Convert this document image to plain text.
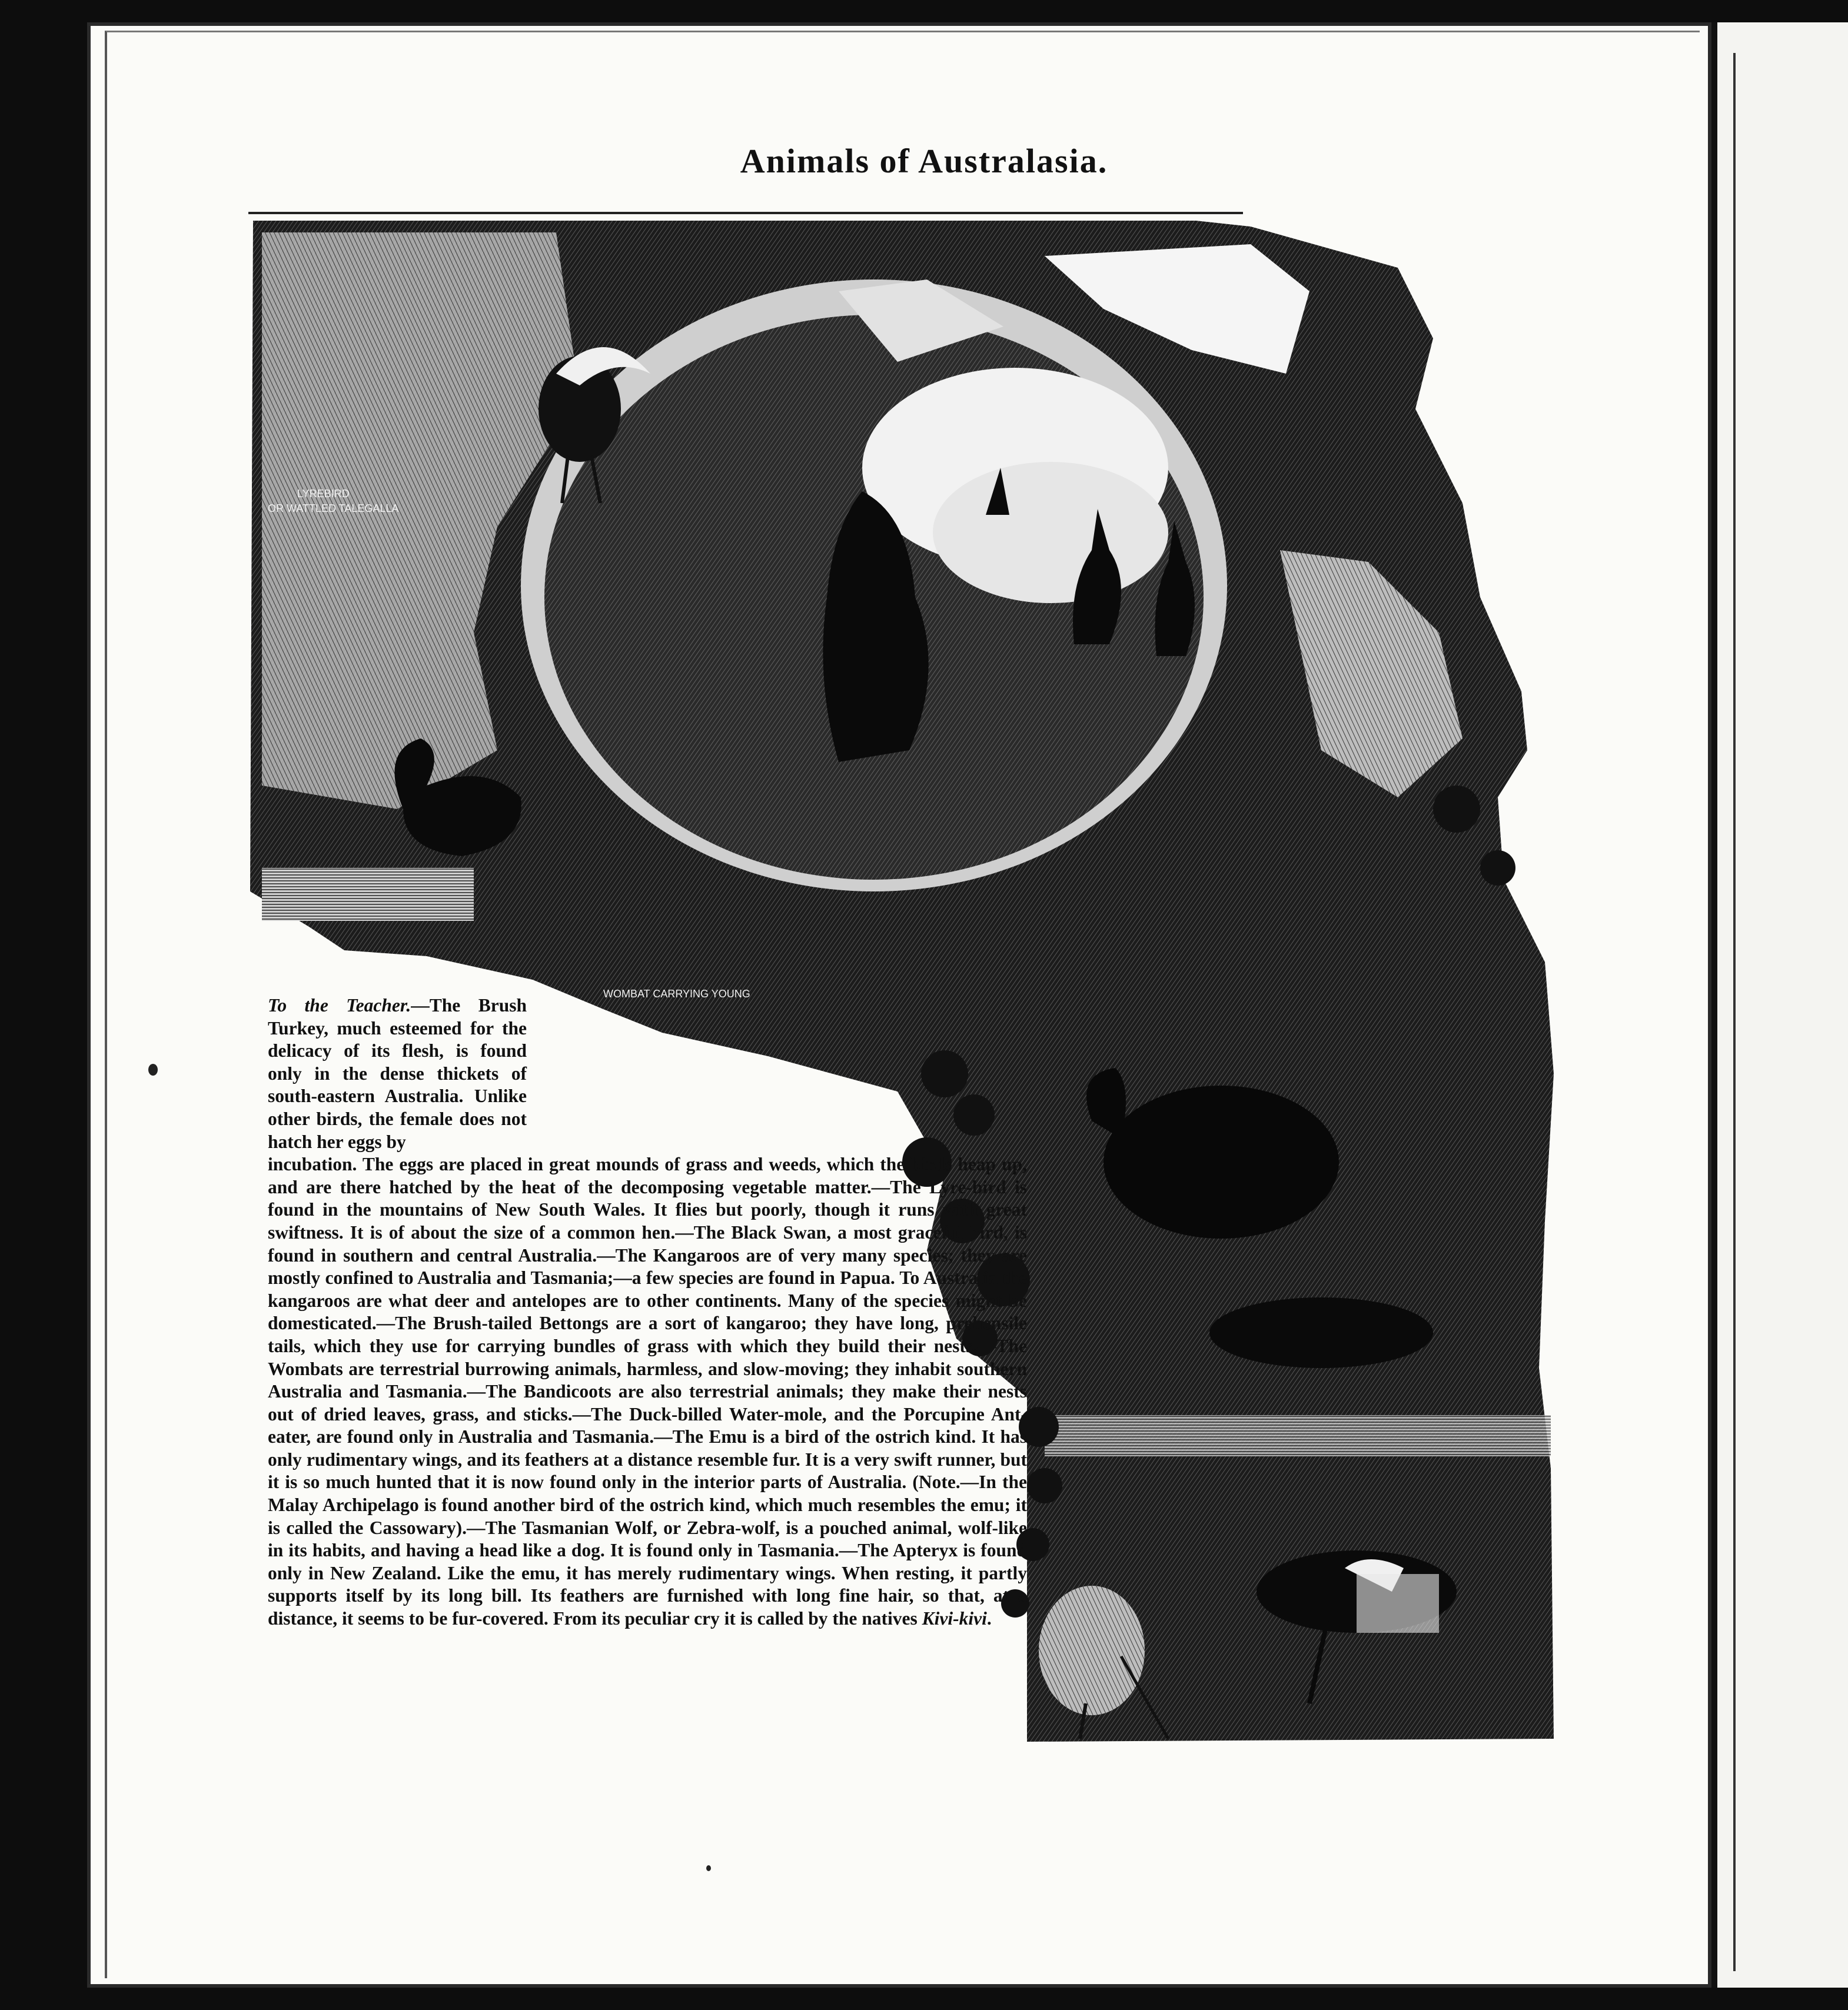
Animals of Australasia.
LYREBIRD
OR WATTLED TALEGALLA
WOMBAT CARRYING YOUNG
To the Teacher.—The Brush Turkey, much esteemed for the delicacy of its flesh, is found only in the dense thickets of south-eastern Australia. Unlike other birds, the female does not hatch her eggs by
incubation. The eggs are placed in great mounds of grass and weeds, which the birds heap up, and are there hatched by the heat of the decomposing vegetable matter.—The Lyre-bird is found in the mountains of New South Wales. It flies but poorly, though it runs with great swiftness. It is of about the size of a common hen.—The Black Swan, a most graceful bird, is found in southern and central Australia.—The Kangaroos are of very many species; they are mostly confined to Australia and Tasmania;—a few species are found in Papua. To Australia the kangaroos are what deer and antelopes are to other continents. Many of the species might be domesticated.—The Brush-tailed Bettongs are a sort of kangaroo; they have long, prehensile tails, which they use for carrying bundles of grass with which they build their nests.—The Wombats are terrestrial burrowing animals, harmless, and slow-moving; they inhabit southern Australia and Tasmania.—The Bandicoots are also terrestrial animals; they make their nests out of dried leaves, grass, and sticks.—The Duck-billed Water-mole, and the Porcupine Ant-eater, are found only in Australia and Tasmania.—The Emu is a bird of the ostrich kind. It has only rudimentary wings, and its feathers at a distance resemble fur. It is a very swift runner, but it is so much hunted that it is now found only in the interior parts of Australia. (Note.—In the Malay Archipelago is found another bird of the ostrich kind, which much resembles the emu; it is called the Cassowary).—The Tasmanian Wolf, or Zebra-wolf, is a pouched animal, wolf-like in its habits, and having a head like a dog. It is found only in Tasmania.—The Apteryx is found only in New Zealand. Like the emu, it has merely rudimentary wings. When resting, it partly supports itself by its long bill. Its feathers are furnished with long fine hair, so that, at a distance, it seems to be fur-covered. From its peculiar cry it is called by the natives Kivi-kivi.
